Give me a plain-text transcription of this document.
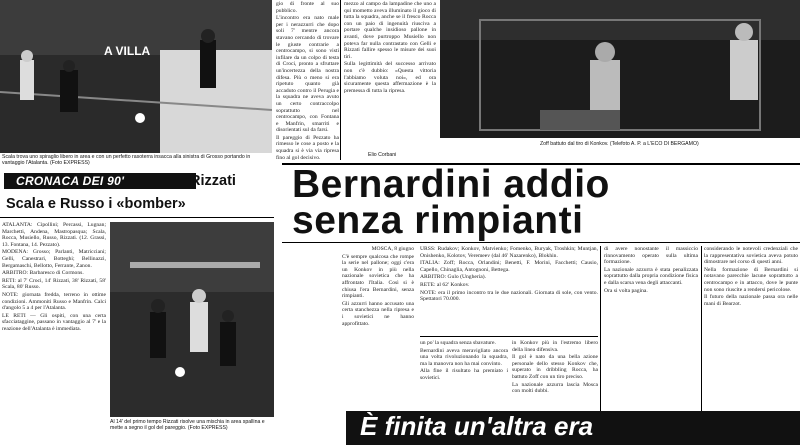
A VILLA
Scala trova uno spiraglio libero in area e con un perfetto rasoterra insacca alla sinistra di Grosso portando in vantaggio l'Atalanta. (Foto EXPRESS)

gio di fronte al suo pubblico.

L'incontro era nato male per i nerazzurri che dopo soli 7' mentre ancora stavano cercando di trovare le giuste contrarie a centrocampo, si sono visti infilare da un colpo di testa di Croci, pronto a sfruttare un'incertezza della nostra difesa. Più o meno si era ripetuto quanto già accaduto contro il Perugia e la squadra ne aveva avuto un certo contraccolpo soprattutto nel centrocampo, con Fontana e Manfrin, smarriti e disorientati sul da farsi.

Il pareggio di Pezzato ha rimesso le cose a posto e la squadra si è via via ripresa fino al gol decisivo.

mezzo al campo da lampadine che uno a qui mometto aveva illuminato il gioco di tutta la squadra, anche se il fresco Rocca con un paio di ingenuità riusciva a portare qualche insidioso pallone in avanti, dove purtroppo Musiello non poteva far nulla contrastato con Gelli e Rizzati fallire spesso le misure dei suoi tiri.

Sulla legittimità del successo arrivato non c'è dubbio: «Questa vittoria l'abbiamo voluta noi», ed ora sicuramente questa affermazione è la premessa di tutta la ripresa.

Elio Corbani
Zoff battuto dal tiro di Konkov. (Telefoto A. P. a L'ECO DI BERGAMO)
CRONACA DEI 90'	Rizzati
Scala e Russo i «bomber»

ATALANTA: Cipollini; Percassi, Lugnan; Marchetti, Andena, Mastropasqua; Scala, Rocca, Musiello, Russo, Rizzati. (12. Grassi, 13. Fontana, 14. Pezzato).

MODENA: Grosso; Parlanti, Matricciani; Gelli, Canestrari, Botteghi; Bellinazzi, Bergamaschi, Bellotto, Ferrante, Zanon.

ARBITRO: Barbaresco di Cormons.

RETI: al 7' Croci, 14' Rizzati, 38' Rizzati, 58' Scala, 80' Russo.

NOTE: giornata fredda, terreno in ottime condizioni. Ammoniti Russo e Manfrin. Calci d'angolo 5 a 4 per l'Atalanta.

LE RETI — Gli ospiti, con una certa sfacciataggine, passano in vantaggio al 7' e la reazione dell'Atalanta è immediata.

Al 14' del primo tempo Rizzati risolve una mischia in area spallina e mette a segno il gol del pareggio. (Foto EXPRESS)
Bernardini addio
senza rimpianti

MOSCA, 8 giugno

C'è sempre qualcosa che rompe la serie nel pallone; oggi c'era un Konkov in più nella nazionale sovietica che ha affrontato l'Italia. Così si è chiusa l'era Bernardini, senza rimpianti.

Gli azzurri hanno accusato una certa stanchezza nella ripresa e i sovietici ne hanno approfittato.

URSS: Rudakov; Konkov, Matvienko; Fomenko, Buryak, Troshkin; Muntjan, Onishenko, Kolotov, Veremeev (dal 46' Nazarenko), Blokhin.

ITALIA: Zoff; Rocca, Orlandini; Benetti, F. Morini, Facchetti; Causio, Capello, Chinaglia, Antognoni, Bettega.

ARBITRO: Gulo (Ungheria).

RETE: al 62' Konkov.

NOTE: era il primo incontro tra le due nazionali. Giornata di sole, con vento. Spettatori 70.000.

un po' la squadra senza sbavature.

Bernardini aveva meravigliato ancora una volta rivoluzionando la squadra, ma la manovra non ha mai convinto.

Alla fine il risultato ha premiato i sovietici.

in Konkov più in l'estremo libero della linea difensiva.

Il gol è nato da una bella azione personale dello stesso Konkov che, superato in dribbling Rocca, ha battuto Zoff con un tiro preciso.

La nazionale azzurra lascia Mosca con molti dubbi.

di avere nonostante il massiccio rinnovamento operato sulla ultima formazione.

La nazionale azzurra è stata penalizzata soprattutto dalla propria condizione fisica e dalla scarsa vena degli attaccanti.

Ora si volta pagina.

considerando le notevoli credenziali che la rappresentativa sovietica aveva potuto dimostrare nel corso di questi anni.

Nella formazione di Bernardini si notavano parecchie lacune soprattutto a centrocampo e in attacco, dove le punte non sono riuscite a rendersi pericolose.

Il futuro della nazionale passa ora nelle mani di Bearzot.

È finita un'altra era
